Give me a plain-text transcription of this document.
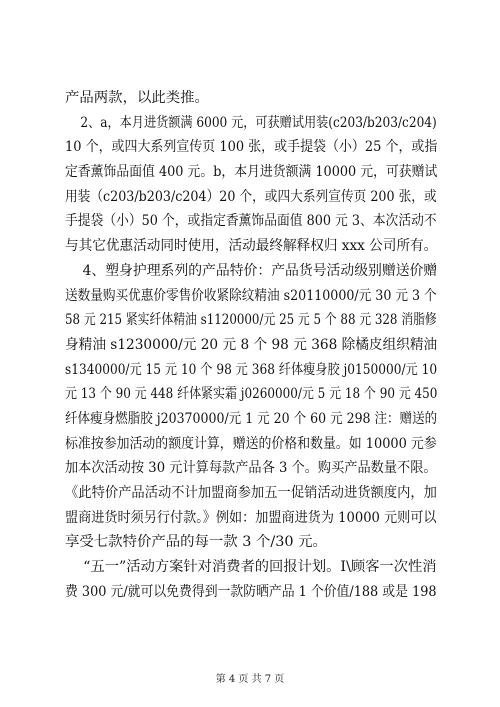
产品两款，以此类推。
2、a，本月进货额满 6000 元，可获赠试用装(c203/b203/c204)
10 个，或四大系列宣传页 100 张，或手提袋（小）25 个，或指
定香薰饰品面值 400 元。b，本月进货额满 10000 元，可获赠试
用装（c203/b203/c204）20 个，或四大系列宣传页 200 张，或
手提袋（小）50 个，或指定香薰饰品面值 800 元 3、本次活动不
与其它优惠活动同时使用，活动最终解释权归 xxx 公司所有。
4、塑身护理系列的产品特价：产品货号活动级别赠送价赠
送数量购买优惠价零售价收紧除纹精油 s20110000/元 30 元 3 个
58 元 215 紧实纤体精油 s1120000/元 25 元 5 个 88 元 328 消脂修
身精油 s1230000/元 20 元 8 个 98 元 368 除橘皮组织精油
s1340000/元 15 元 10 个 98 元 368 纤体瘦身胶 j0150000/元 10
元 13 个 90 元 448 纤体紧实霜 j0260000/元 5 元 18 个 90 元 450
纤体瘦身燃脂胶 j20370000/元 1 元 20 个 60 元 298 注：赠送的
标准按参加活动的额度计算，赠送的价格和数量。如 10000 元参
加本次活动按 30 元计算每款产品各 3 个。购买产品数量不限。
《此特价产品活动不计加盟商参加五一促销活动进货额度内，加
盟商进货时须另行付款。》例如：加盟商进货为 10000 元则可以
享受七款特价产品的每一款 3 个/30 元。
“五一”活动方案针对消费者的回报计划。I\顾客一次性消
费 300 元/就可以免费得到一款防晒产品 1 个价值/188 或是 198
第 4 页 共 7 页
